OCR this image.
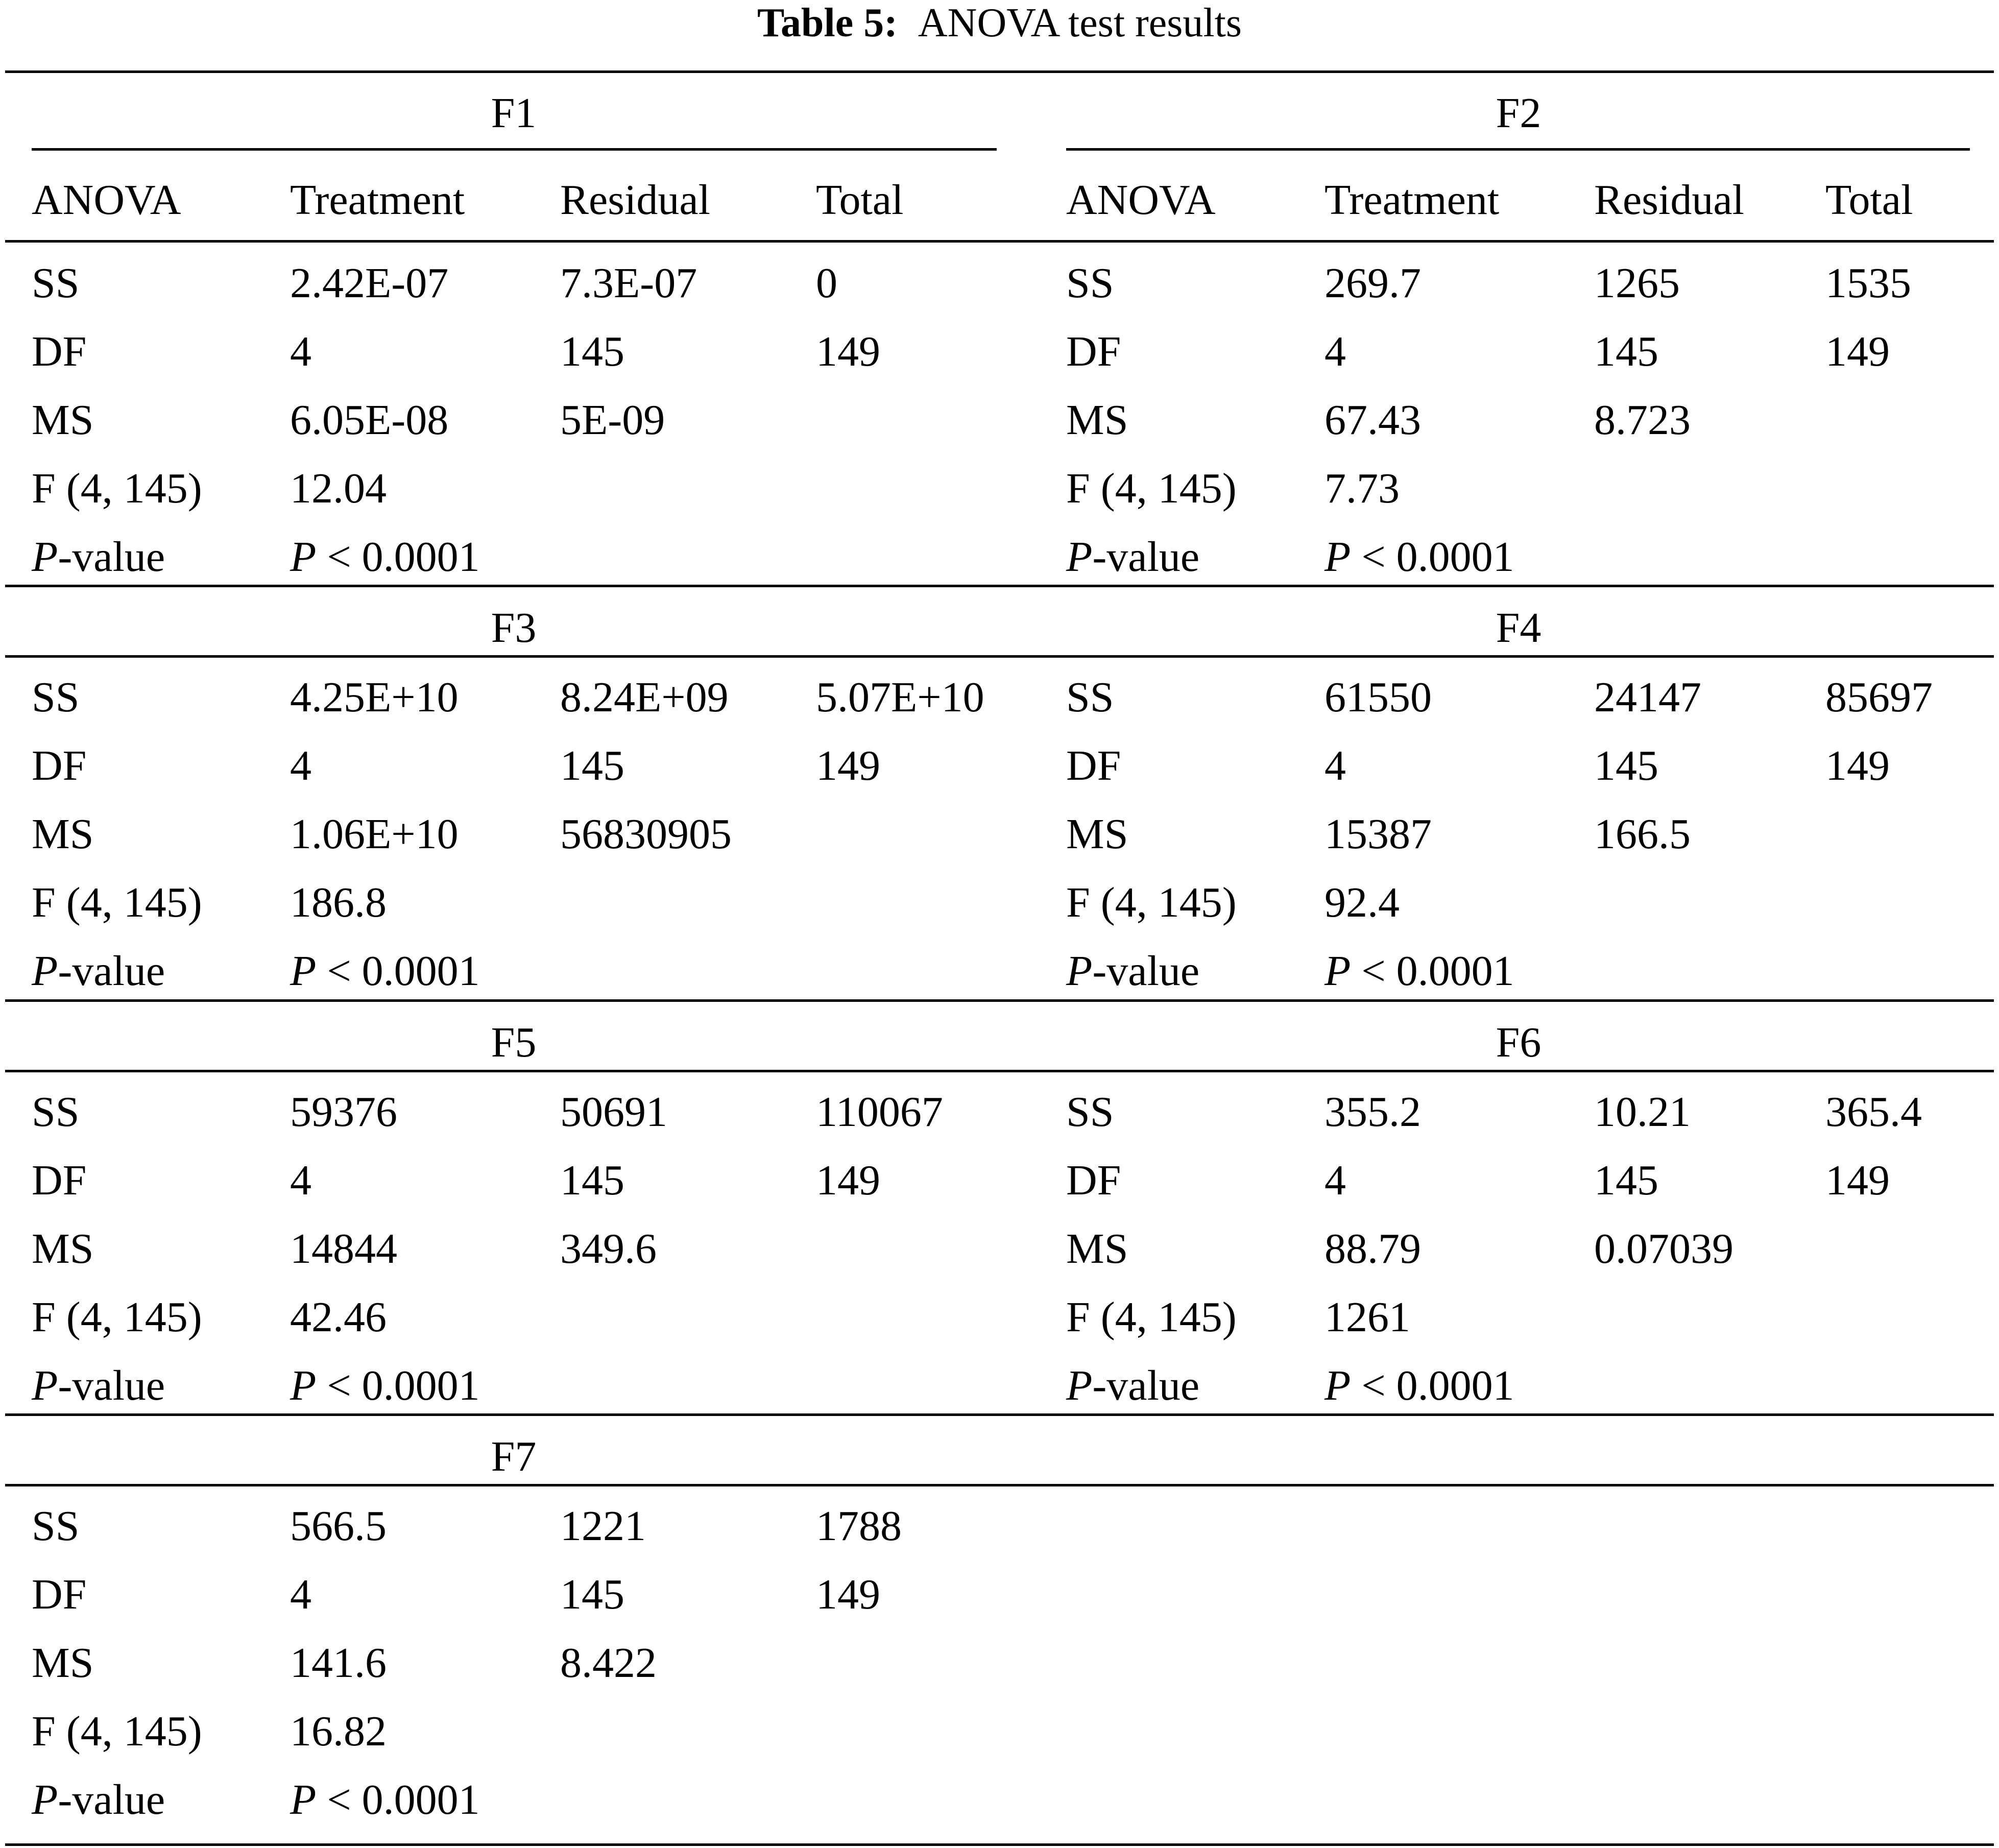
Table 5: ANOVA test results
F1
ANOVA	Treatment Residual Total
SS	2.42E-07	7.3E-07	0
DF	4	145	149
MS	6.05E-08	5E-09
F (4, 145) 12.04
P-value	P < 0.0001
F2
ANOVA	Treatment Residual Total
SS	269.7	1265	1535
DF	4	145	149
MS	67.43	8.723
F (4, 145) 7.73
P-value	P < 0.0001
F3
SS	4.25E+10 8.24E+09 5.07E+10
DF	4	145	149
MS	1.06E+10 56830905
F (4, 145) 186.8
P-value	P < 0.0001
F4
SS	61550	24147	85697
DF	4	145	149
MS	15387	166.5
F (4, 145) 92.4
P-value	P < 0.0001
F5
SS	59376	50691	110067
DF	4	145	149
MS	14844	349.6
F (4, 145) 42.46
P-value	P < 0.0001
F6
SS	355.2	10.21	365.4
DF	4	145	149
MS	88.79	0.07039
F (4, 145) 1261
P-value	P < 0.0001
F7
SS	566.5	1221	1788
DF	4	145	149
MS	141.6	8.422
F (4, 145) 16.82
P-value	P < 0.0001
